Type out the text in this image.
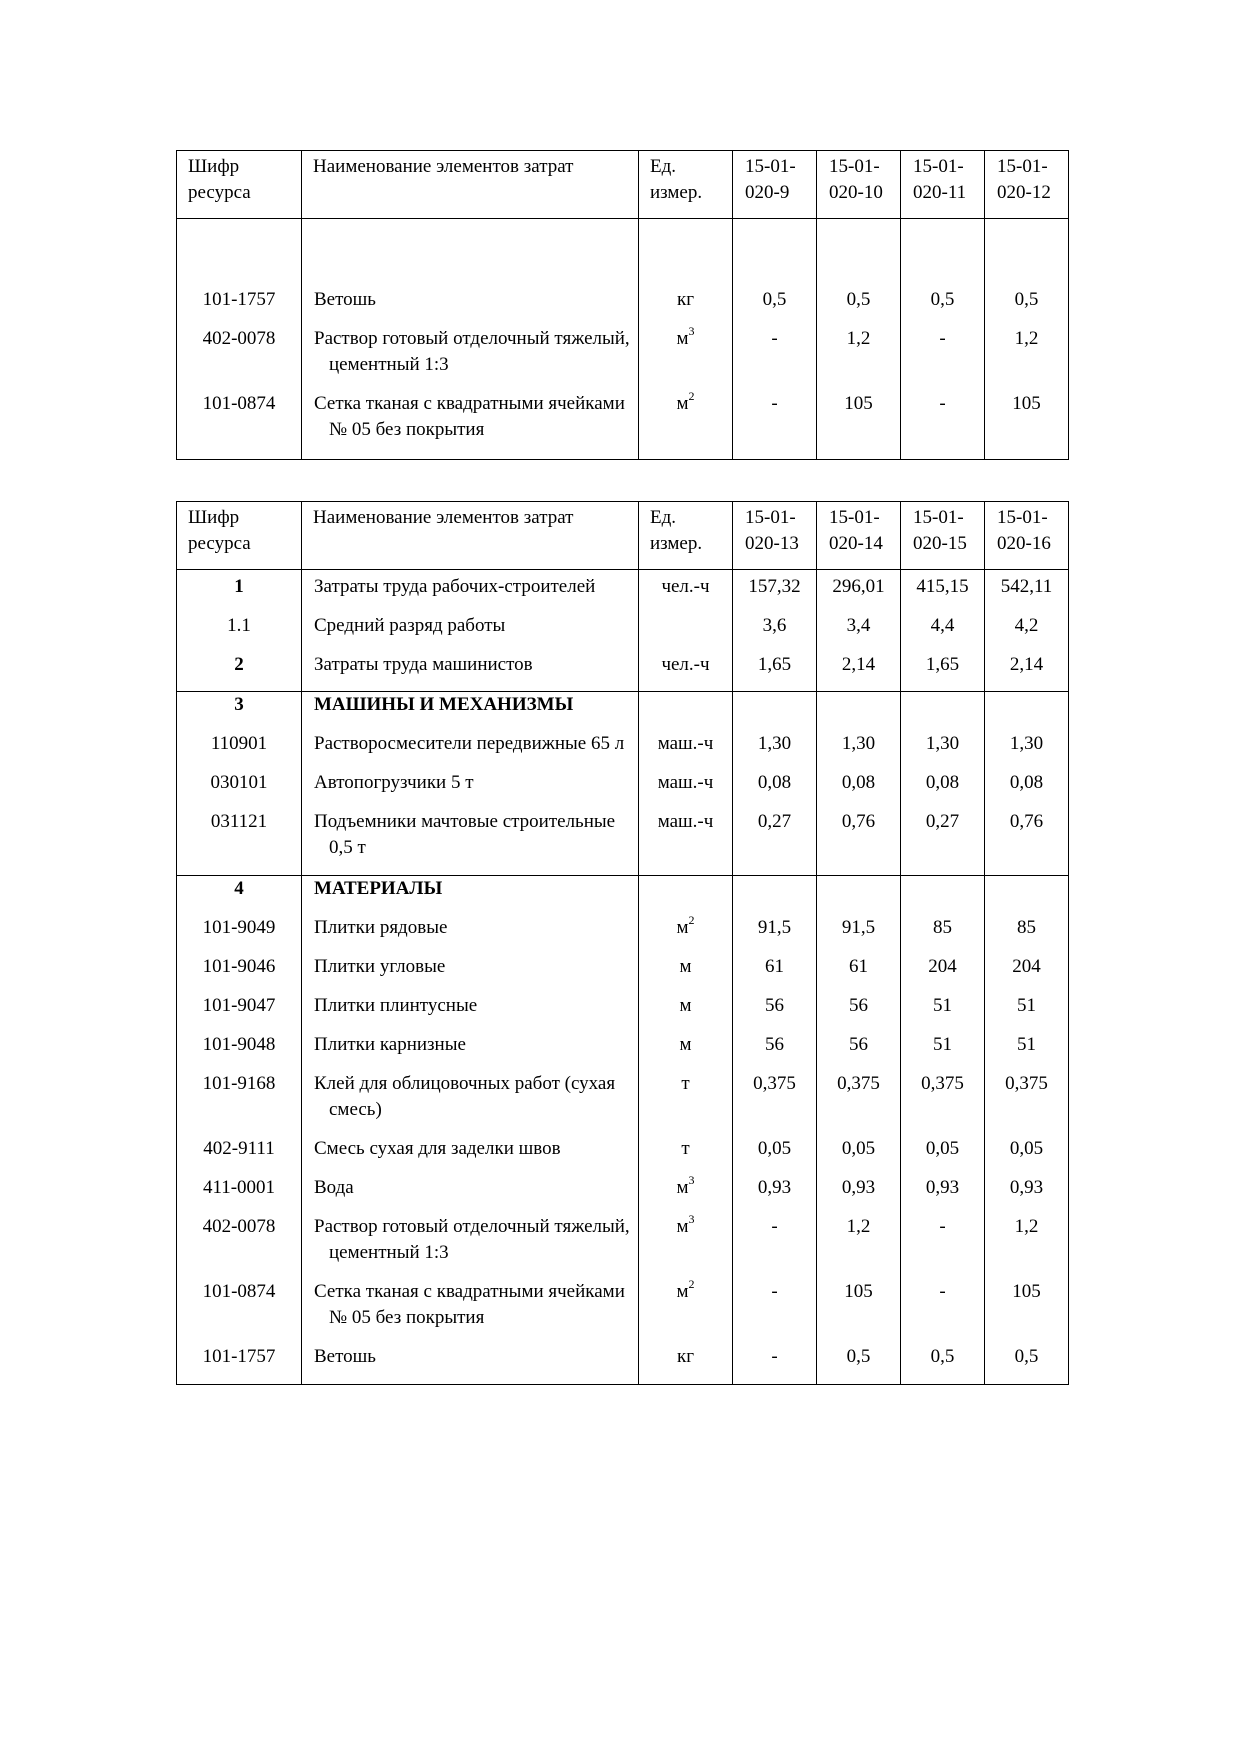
Шифр ресурса	Наименование элементов затрат	Ед. измер.	15-01-020-9	15-01-020-10	15-01-020-11	15-01-020-12

101-1757	Ветошь	кг	0,5	0,5	0,5	0,5
402-0078	Раствор готовый отделочный тяжелый, цементный 1:3	$м^3$	-	1,2	-	1,2
101-0874	Сетка тканая с квадратными ячейками № 05 без покрытия	$м^2$	-	105	-	105
Шифр ресурса	Наименование элементов затрат	Ед. измер.	15-01-020-13	15-01-020-14	15-01-020-15	15-01-020-16
1	Затраты труда рабочих-строителей	чел.-ч	157,32	296,01	415,15	542,11
1.1	Средний разряд работы		3,6	3,4	4,4	4,2
2	Затраты труда машинистов	чел.-ч	1,65	2,14	1,65	2,14
3	МАШИНЫ И МЕХАНИЗМЫ					
110901	Растворосмесители передвижные 65 л	маш.-ч	1,30	1,30	1,30	1,30
030101	Автопогрузчики 5 т	маш.-ч	0,08	0,08	0,08	0,08
031121	Подъемники мачтовые строительные 0,5 т	маш.-ч	0,27	0,76	0,27	0,76
4	МАТЕРИАЛЫ					
101-9049	Плитки рядовые	$м^2$	91,5	91,5	85	85
101-9046	Плитки угловые	м	61	61	204	204
101-9047	Плитки плинтусные	м	56	56	51	51
101-9048	Плитки карнизные	м	56	56	51	51
101-9168	Клей для облицовочных работ (сухая смесь)	т	0,375	0,375	0,375	0,375
402-9111	Смесь сухая для заделки швов	т	0,05	0,05	0,05	0,05
411-0001	Вода	$м^3$	0,93	0,93	0,93	0,93
402-0078	Раствор готовый отделочный тяжелый, цементный 1:3	$м^3$	-	1,2	-	1,2
101-0874	Сетка тканая с квадратными ячейками № 05 без покрытия	$м^2$	-	105	-	105
101-1757	Ветошь	кг	-	0,5	0,5	0,5
